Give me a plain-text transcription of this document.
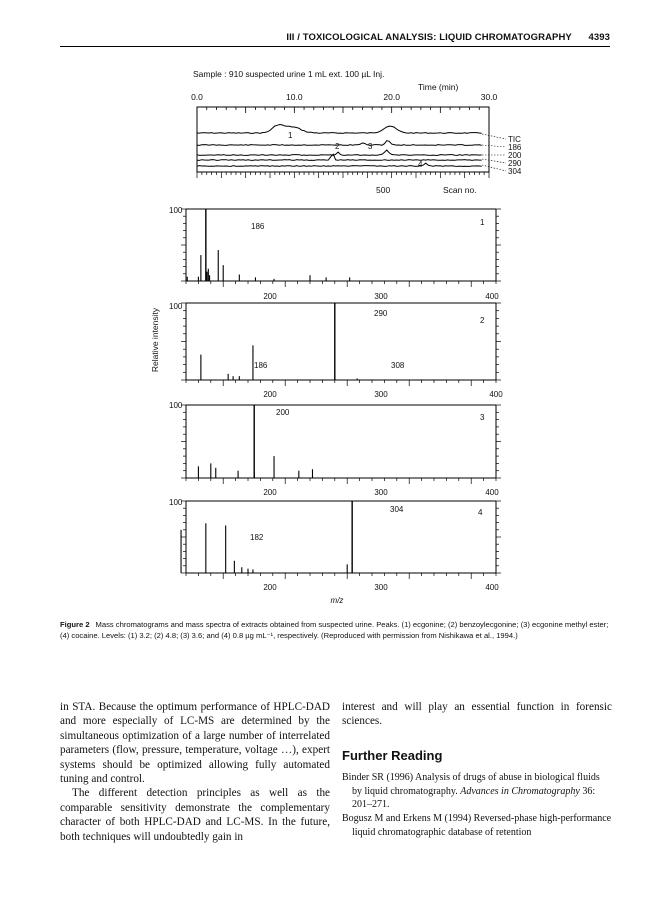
III / TOXICOLOGICAL ANALYSIS: LIQUID CHROMATOGRAPHY 4393
Sample : 910 suspected urine 1 mL ext. 100 µL Inj.
Time (min)
0.0	10.0	20.0	30.0
TIC
186
200
290
304
1
2	3
4
500	Scan no.
Relative intensity
100
186	1
200	300	400
100
290
186	308
2
200	300	400
100
200
3
200	300	400
100
304
182
4
200	300	400
m/z
Figure 2 Mass chromatograms and mass spectra of extracts obtained from suspected urine. Peaks. (1) ecgonine; (2) benzoylecgonine; (3) ecgonine methyl ester; (4) cocaine. Levels: (1) 3.2; (2) 4.8; (3) 3.6; and (4) 0.8 µg mL⁻¹, respectively. (Reproduced with permission from Nishikawa et al., 1994.)

in STA. Because the optimum performance of HPLC-DAD and more especially of LC-MS are determined by the simultaneous optimization of a large number of interrelated parameters (flow, pressure, temperature, voltage …), expert systems should be optimized allowing fully automated tuning and control.

The different detection principles as well as the comparable sensitivity demonstrate the complementary character of both HPLC-DAD and LC-MS. In the future, both techniques will undoubtedly gain in

interest and will play an essential function in forensic sciences.

Further Reading
Binder SR (1996) Analysis of drugs of abuse in biological fluids by liquid chromatography. Advances in Chromatography 36: 201–271.
Bogusz M and Erkens M (1994) Reversed-phase high-performance liquid chromatographic database of retention
